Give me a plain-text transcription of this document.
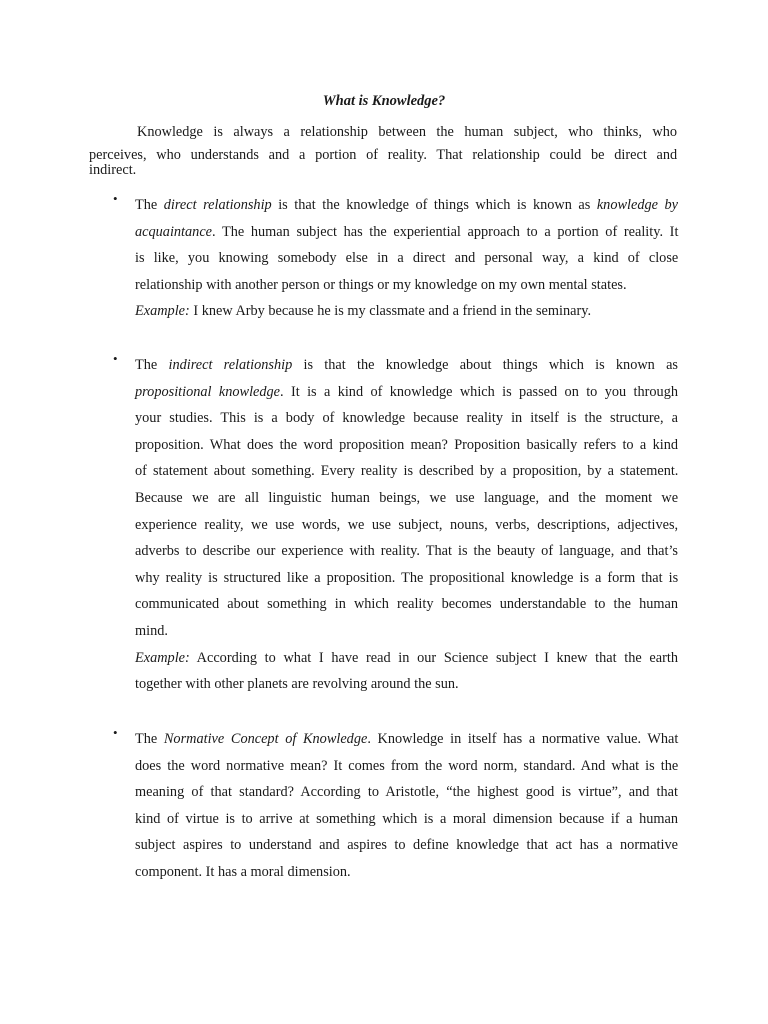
What is Knowledge?
Knowledge is always a relationship between the human subject, who thinks, who
perceives, who understands and a portion of reality. That relationship could be direct and
indirect.
• The direct relationship is that the knowledge of things which is known as knowledge by
acquaintance. The human subject has the experiential approach to a portion of reality. It
is like, you knowing somebody else in a direct and personal way, a kind of close
relationship with another person or things or my knowledge on my own mental states.
Example: I knew Arby because he is my classmate and a friend in the seminary.
• The indirect relationship is that the knowledge about things which is known as
propositional knowledge. It is a kind of knowledge which is passed on to you through
your studies. This is a body of knowledge because reality in itself is the structure, a
proposition. What does the word proposition mean? Proposition basically refers to a kind
of statement about something. Every reality is described by a proposition, by a statement.
Because we are all linguistic human beings, we use language, and the moment we
experience reality, we use words, we use subject, nouns, verbs, descriptions, adjectives,
adverbs to describe our experience with reality. That is the beauty of language, and that’s
why reality is structured like a proposition. The propositional knowledge is a form that is
communicated about something in which reality becomes understandable to the human
mind.
Example: According to what I have read in our Science subject I knew that the earth
together with other planets are revolving around the sun.
• The Normative Concept of Knowledge. Knowledge in itself has a normative value. What
does the word normative mean? It comes from the word norm, standard. And what is the
meaning of that standard? According to Aristotle, “the highest good is virtue”, and that
kind of virtue is to arrive at something which is a moral dimension because if a human
subject aspires to understand and aspires to define knowledge that act has a normative
component. It has a moral dimension.
